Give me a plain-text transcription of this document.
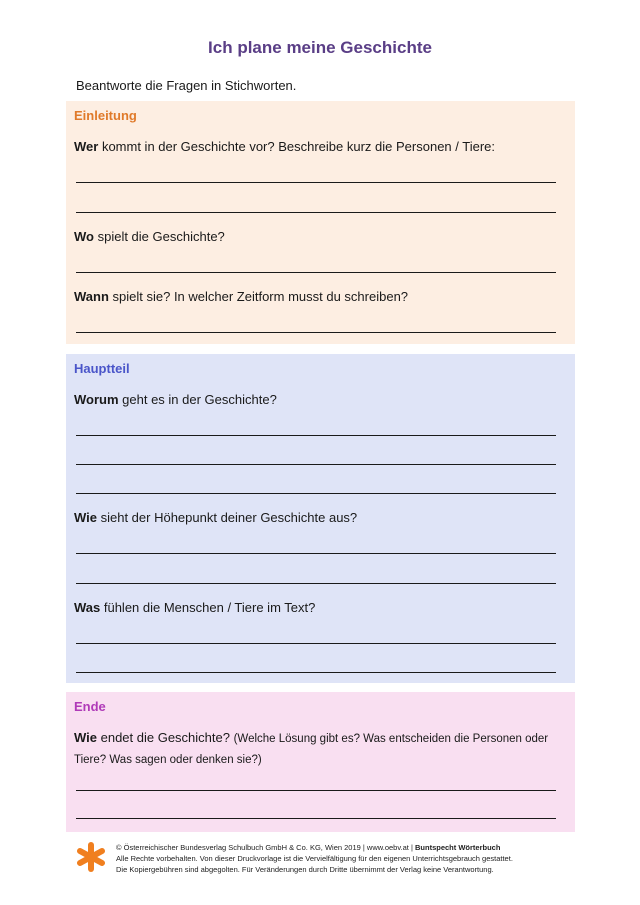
Ich plane meine Geschichte
Beantworte die Fragen in Stichworten.
Einleitung
Wer kommt in der Geschichte vor? Beschreibe kurz die Personen / Tiere:
Wo spielt die Geschichte?
Wann spielt sie? In welcher Zeitform musst du schreiben?
Hauptteil
Worum geht es in der Geschichte?
Wie sieht der Höhepunkt deiner Geschichte aus?
Was fühlen die Menschen / Tiere im Text?
Ende
Wie endet die Geschichte? (Welche Lösung gibt es? Was entscheiden die Personen oder Tiere? Was sagen oder denken sie?)
© Österreichischer Bundesverlag Schulbuch GmbH & Co. KG, Wien 2019 | www.oebv.at | Buntspecht Wörterbuch
Alle Rechte vorbehalten. Von dieser Druckvorlage ist die Vervielfältigung für den eigenen Unterrichtsgebrauch gestattet.
Die Kopiergebühren sind abgegolten. Für Veränderungen durch Dritte übernimmt der Verlag keine Verantwortung.
